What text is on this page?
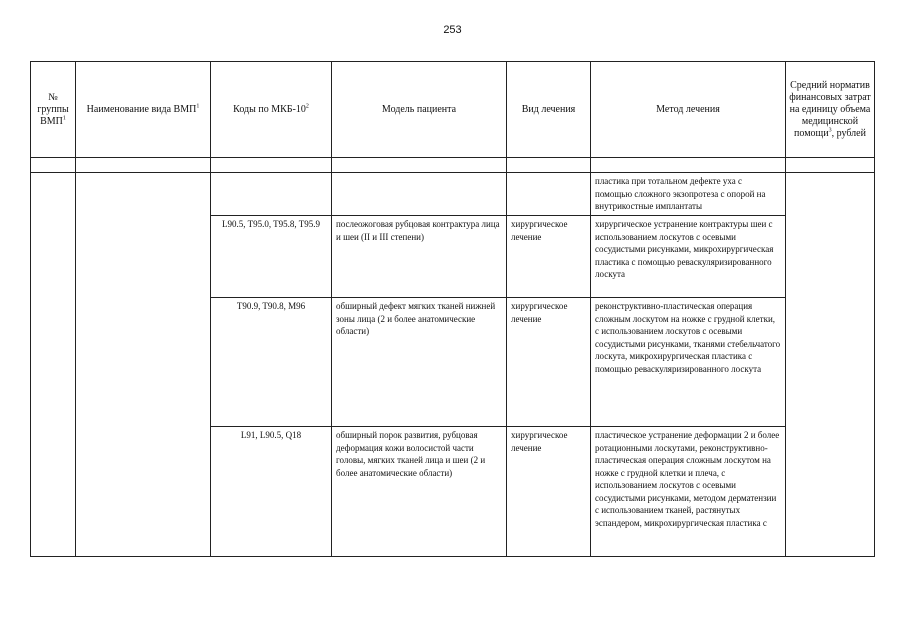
253
№ группы ВМП$^1$	Наименование вида ВМП$^1$	Коды по МКБ-$10^2$	Модель пациента	Вид лечения	Метод лечения	Средний норматив финансовых затрат на единицу объема медицинской помощи$^3$, рублей

					пластика при тотальном дефекте уха с помощью сложного экзопротеза с опорой на внутрикостные имплантаты	
		L90.5, T95.0, T95.8, T95.9	послеожоговая рубцовая контрактура лица и шеи (II и III степени)	хирургическое лечение	хирургическое устранение контрактуры шеи с использованием лоскутов с осевыми сосудистыми рисунками, микрохирургическая пластика с помощью реваскуляризированного лоскута	
		T90.9, T90.8, M96	обширный дефект мягких тканей нижней зоны лица (2 и более анатомические области)	хирургическое лечение	реконструктивно-пластическая операция сложным лоскутом на ножке с грудной клетки, с использованием лоскутов с осевыми сосудистыми рисунками, тканями стебельчатого лоскута, микрохирургическая пластика с помощью реваскуляризированного лоскута	
		L91, L90.5, Q18	обширный порок развития, рубцовая деформация кожи волосистой части головы, мягких тканей лица и шеи (2 и более анатомические области)	хирургическое лечение	пластическое устранение деформации 2 и более ротационными лоскутами, реконструктивно-пластическая операция сложным лоскутом на ножке с грудной клетки и плеча, с использованием лоскутов с осевыми сосудистыми рисунками, методом дерматензии с использованием тканей, растянутых эспандером, микрохирургическая пластика с	
